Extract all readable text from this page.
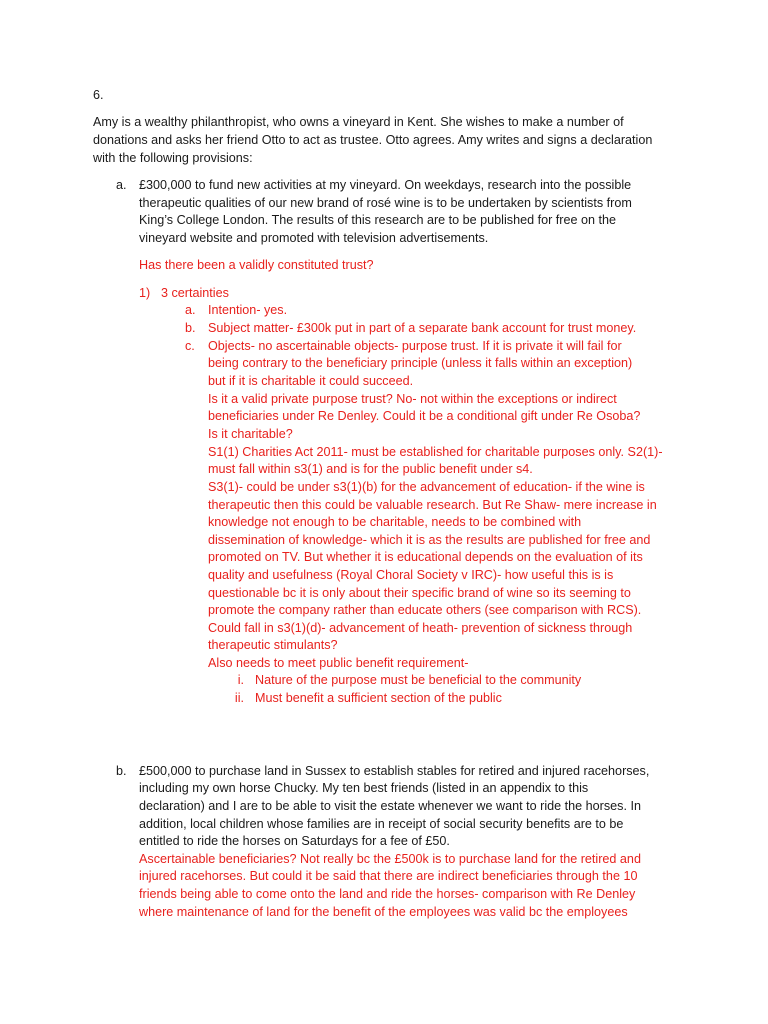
6.
Amy is a wealthy philanthropist, who owns a vineyard in Kent. She wishes to make a number of
donations and asks her friend Otto to act as trustee. Otto agrees. Amy writes and signs a declaration
with the following provisions:
a. £300,000 to fund new activities at my vineyard. On weekdays, research into the possible
therapeutic qualities of our new brand of rosé wine is to be undertaken by scientists from
King’s College London. The results of this research are to be published for free on the
vineyard website and promoted with television advertisements.
Has there been a validly constituted trust?
1) 3 certainties
a. Intention- yes.
b. Subject matter- £300k put in part of a separate bank account for trust money.
c. Objects- no ascertainable objects- purpose trust. If it is private it will fail for
being contrary to the beneficiary principle (unless it falls within an exception)
but if it is charitable it could succeed.
Is it a valid private purpose trust? No- not within the exceptions or indirect
beneficiaries under Re Denley. Could it be a conditional gift under Re Osoba?
Is it charitable?
S1(1) Charities Act 2011- must be established for charitable purposes only. S2(1)-
must fall within s3(1) and is for the public benefit under s4.
S3(1)- could be under s3(1)(b) for the advancement of education- if the wine is
therapeutic then this could be valuable research. But Re Shaw- mere increase in
knowledge not enough to be charitable, needs to be combined with
dissemination of knowledge- which it is as the results are published for free and
promoted on TV. But whether it is educational depends on the evaluation of its
quality and usefulness (Royal Choral Society v IRC)- how useful this is is
questionable bc it is only about their specific brand of wine so its seeming to
promote the company rather than educate others (see comparison with RCS).
Could fall in s3(1)(d)- advancement of heath- prevention of sickness through
therapeutic stimulants?
Also needs to meet public benefit requirement-
i. Nature of the purpose must be beneficial to the community
ii. Must benefit a sufficient section of the public
b. £500,000 to purchase land in Sussex to establish stables for retired and injured racehorses,
including my own horse Chucky. My ten best friends (listed in an appendix to this
declaration) and I are to be able to visit the estate whenever we want to ride the horses. In
addition, local children whose families are in receipt of social security benefits are to be
entitled to ride the horses on Saturdays for a fee of £50.
Ascertainable beneficiaries? Not really bc the £500k is to purchase land for the retired and
injured racehorses. But could it be said that there are indirect beneficiaries through the 10
friends being able to come onto the land and ride the horses- comparison with Re Denley
where maintenance of land for the benefit of the employees was valid bc the employees
